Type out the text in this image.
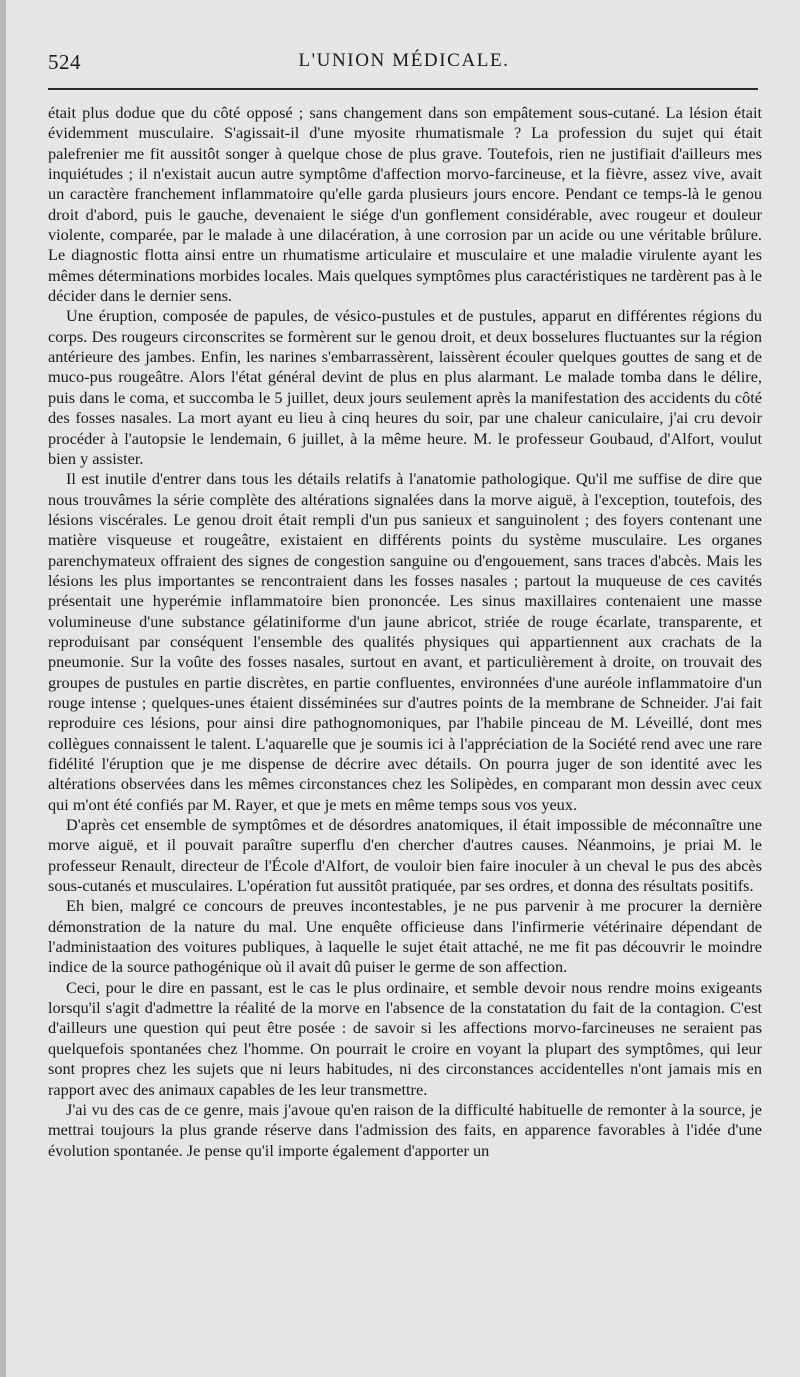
524	L'UNION MÉDICALE.

était plus dodue que du côté opposé ; sans changement dans son empâtement sous-cutané. La lésion était évidemment musculaire. S'agissait-il d'une myosite rhumatismale ? La profession du sujet qui était palefrenier me fit aussitôt songer à quelque chose de plus grave. Toutefois, rien ne justifiait d'ailleurs mes inquiétudes ; il n'existait aucun autre symptôme d'affection morvo-farcineuse, et la fièvre, assez vive, avait un caractère franchement inflammatoire qu'elle garda plusieurs jours encore. Pendant ce temps-là le genou droit d'abord, puis le gauche, devenaient le siége d'un gonflement considérable, avec rougeur et douleur violente, comparée, par le malade à une dilacération, à une corrosion par un acide ou une véritable brûlure. Le diagnostic flotta ainsi entre un rhumatisme articulaire et musculaire et une maladie virulente ayant les mêmes déterminations morbides locales. Mais quelques symptômes plus caractéristiques ne tardèrent pas à le décider dans le dernier sens.

Une éruption, composée de papules, de vésico-pustules et de pustules, apparut en différentes régions du corps. Des rougeurs circonscrites se formèrent sur le genou droit, et deux bosselures fluctuantes sur la région antérieure des jambes. Enfin, les narines s'embarrassèrent, laissèrent écouler quelques gouttes de sang et de muco-pus rougeâtre. Alors l'état général devint de plus en plus alarmant. Le malade tomba dans le délire, puis dans le coma, et succomba le 5 juillet, deux jours seulement après la manifestation des accidents du côté des fosses nasales. La mort ayant eu lieu à cinq heures du soir, par une chaleur caniculaire, j'ai cru devoir procéder à l'autopsie le lendemain, 6 juillet, à la même heure. M. le professeur Goubaud, d'Alfort, voulut bien y assister.

Il est inutile d'entrer dans tous les détails relatifs à l'anatomie pathologique. Qu'il me suffise de dire que nous trouvâmes la série complète des altérations signalées dans la morve aiguë, à l'exception, toutefois, des lésions viscérales. Le genou droit était rempli d'un pus sanieux et sanguinolent ; des foyers contenant une matière visqueuse et rougeâtre, existaient en différents points du système musculaire. Les organes parenchymateux offraient des signes de congestion sanguine ou d'engouement, sans traces d'abcès. Mais les lésions les plus importantes se rencontraient dans les fosses nasales ; partout la muqueuse de ces cavités présentait une hyperémie inflammatoire bien prononcée. Les sinus maxillaires contenaient une masse volumineuse d'une substance gélatiniforme d'un jaune abricot, striée de rouge écarlate, transparente, et reproduisant par conséquent l'ensemble des qualités physiques qui appartiennent aux crachats de la pneumonie. Sur la voûte des fosses nasales, surtout en avant, et particulièrement à droite, on trouvait des groupes de pustules en partie discrètes, en partie confluentes, environnées d'une auréole inflammatoire d'un rouge intense ; quelques-unes étaient disséminées sur d'autres points de la membrane de Schneider. J'ai fait reproduire ces lésions, pour ainsi dire pathognomoniques, par l'habile pinceau de M. Léveillé, dont mes collègues connaissent le talent. L'aquarelle que je soumis ici à l'appréciation de la Société rend avec une rare fidélité l'éruption que je me dispense de décrire avec détails. On pourra juger de son identité avec les altérations observées dans les mêmes circonstances chez les Solipèdes, en comparant mon dessin avec ceux qui m'ont été confiés par M. Rayer, et que je mets en même temps sous vos yeux.

D'après cet ensemble de symptômes et de désordres anatomiques, il était impossible de méconnaître une morve aiguë, et il pouvait paraître superflu d'en chercher d'autres causes. Néanmoins, je priai M. le professeur Renault, directeur de l'École d'Alfort, de vouloir bien faire inoculer à un cheval le pus des abcès sous-cutanés et musculaires. L'opération fut aussitôt pratiquée, par ses ordres, et donna des résultats positifs.

Eh bien, malgré ce concours de preuves incontestables, je ne pus parvenir à me procurer la dernière démonstration de la nature du mal. Une enquête officieuse dans l'infirmerie vétérinaire dépendant de l'administaation des voitures publiques, à laquelle le sujet était attaché, ne me fit pas découvrir le moindre indice de la source pathogénique où il avait dû puiser le germe de son affection.

Ceci, pour le dire en passant, est le cas le plus ordinaire, et semble devoir nous rendre moins exigeants lorsqu'il s'agit d'admettre la réalité de la morve en l'absence de la constatation du fait de la contagion. C'est d'ailleurs une question qui peut être posée : de savoir si les affections morvo-farcineuses ne seraient pas quelquefois spontanées chez l'homme. On pourrait le croire en voyant la plupart des symptômes, qui leur sont propres chez les sujets que ni leurs habitudes, ni des circonstances accidentelles n'ont jamais mis en rapport avec des animaux capables de les leur transmettre.

J'ai vu des cas de ce genre, mais j'avoue qu'en raison de la difficulté habituelle de remonter à la source, je mettrai toujours la plus grande réserve dans l'admission des faits, en apparence favorables à l'idée d'une évolution spontanée. Je pense qu'il importe également d'apporter un
